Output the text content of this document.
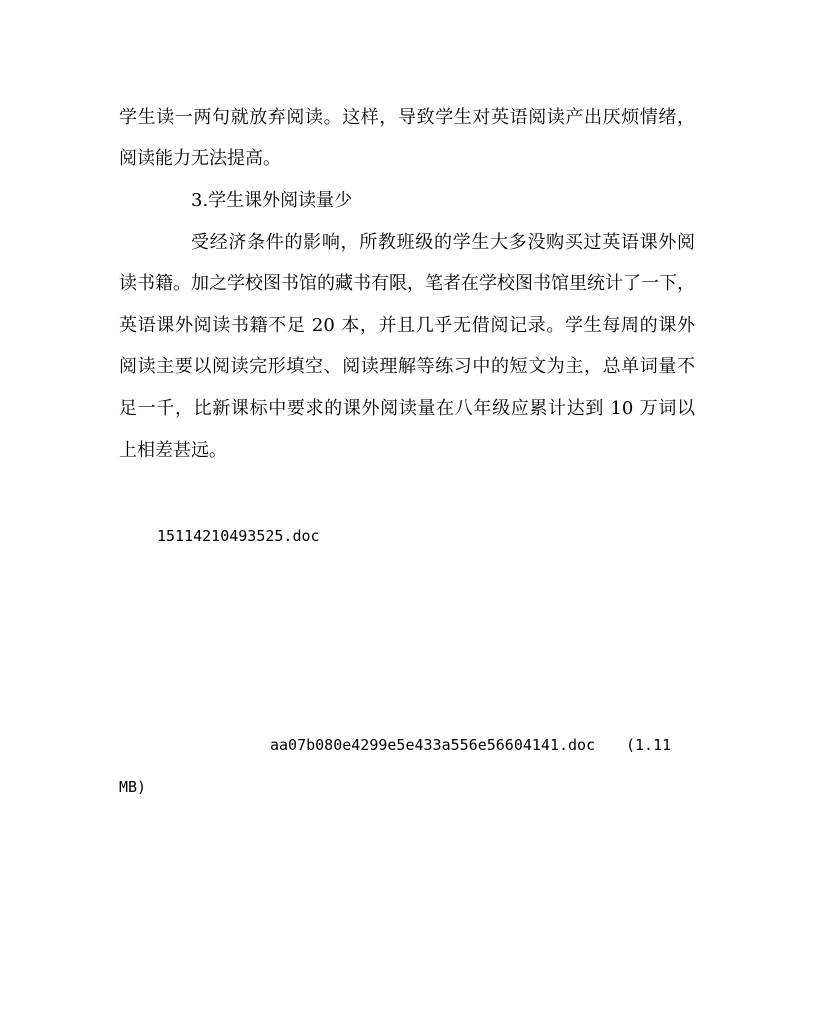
学生读一两句就放弃阅读。这样，导致学生对英语阅读产出厌烦情绪，
阅读能力无法提高。
3.学生课外阅读量少
受经济条件的影响，所教班级的学生大多没购买过英语课外阅
读书籍。加之学校图书馆的藏书有限，笔者在学校图书馆里统计了一下，
英语课外阅读书籍不足 20 本，并且几乎无借阅记录。学生每周的课外
阅读主要以阅读完形填空、阅读理解等练习中的短文为主，总单词量不
足一千，比新课标中要求的课外阅读量在八年级应累计达到 10 万词以
上相差甚远。
15114210493525.doc
aa07b080e4299e5e433a556e56604141.doc (1.11
MB)
